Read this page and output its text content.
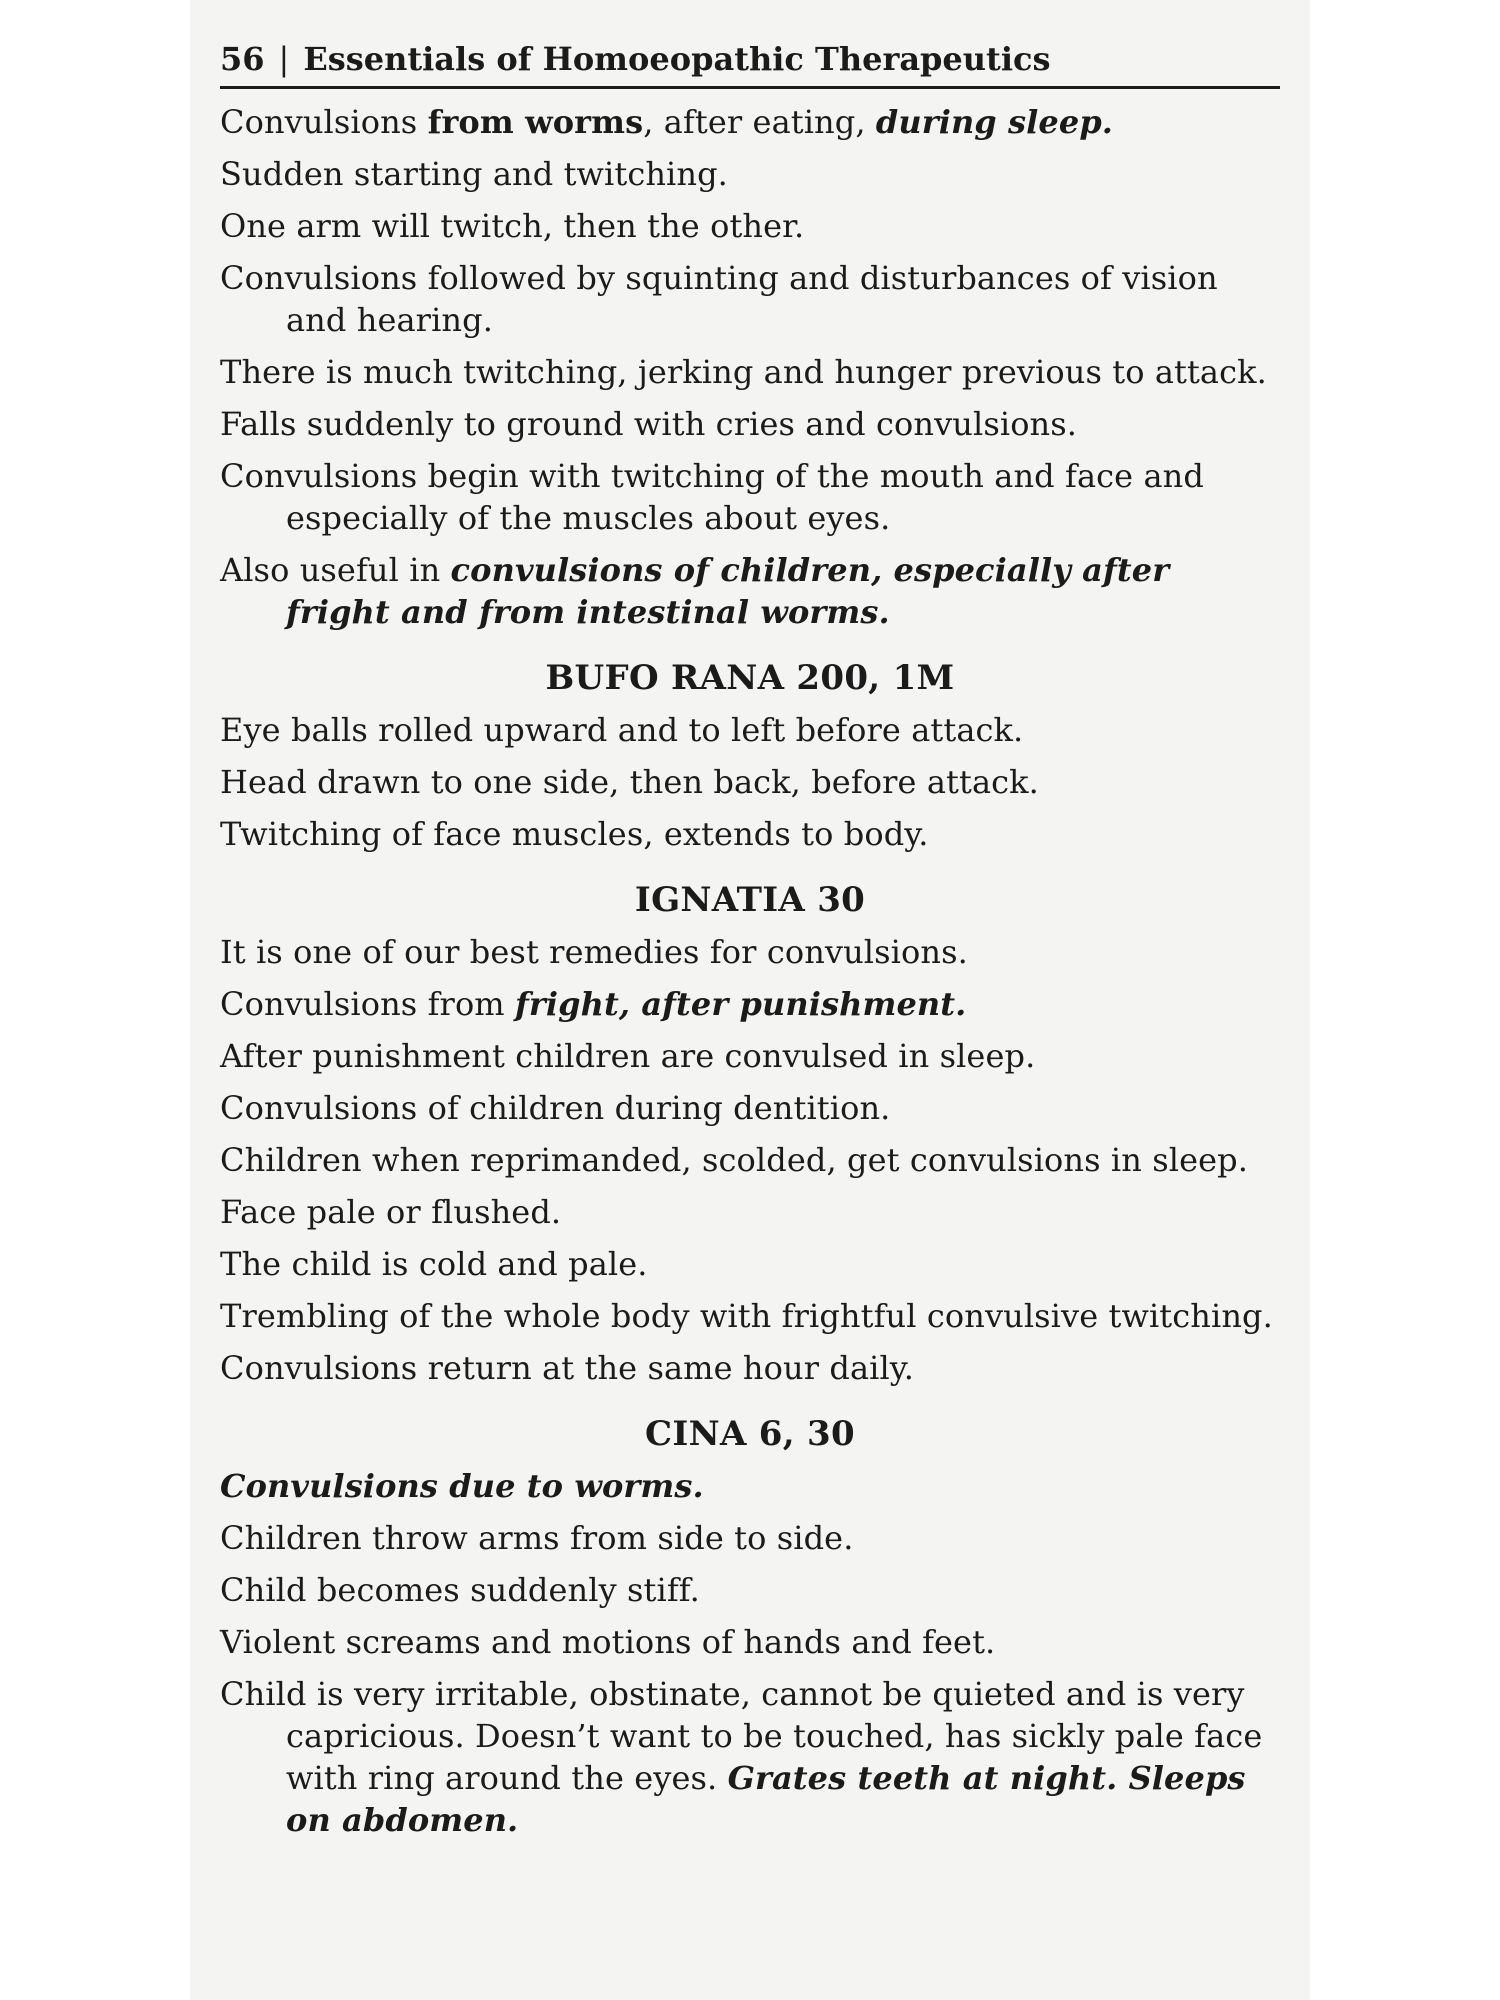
56 | Essentials of Homoeopathic Therapeutics
Convulsions from worms, after eating, during sleep.
Sudden starting and twitching.
One arm will twitch, then the other.
Convulsions followed by squinting and disturbances of vision and hearing.
There is much twitching, jerking and hunger previous to attack.
Falls suddenly to ground with cries and convulsions.
Convulsions begin with twitching of the mouth and face and especially of the muscles about eyes.
Also useful in convulsions of children, especially after fright and from intestinal worms.
BUFO RANA 200, 1M
Eye balls rolled upward and to left before attack.
Head drawn to one side, then back, before attack.
Twitching of face muscles, extends to body.
IGNATIA 30
It is one of our best remedies for convulsions.
Convulsions from fright, after punishment.
After punishment children are convulsed in sleep.
Convulsions of children during dentition.
Children when reprimanded, scolded, get convulsions in sleep.
Face pale or flushed.
The child is cold and pale.
Trembling of the whole body with frightful convulsive twitching.
Convulsions return at the same hour daily.
CINA 6, 30
Convulsions due to worms.
Children throw arms from side to side.
Child becomes suddenly stiff.
Violent screams and motions of hands and feet.
Child is very irritable, obstinate, cannot be quieted and is very capricious. Doesn’t want to be touched, has sickly pale face with ring around the eyes. Grates teeth at night. Sleeps on abdomen.
